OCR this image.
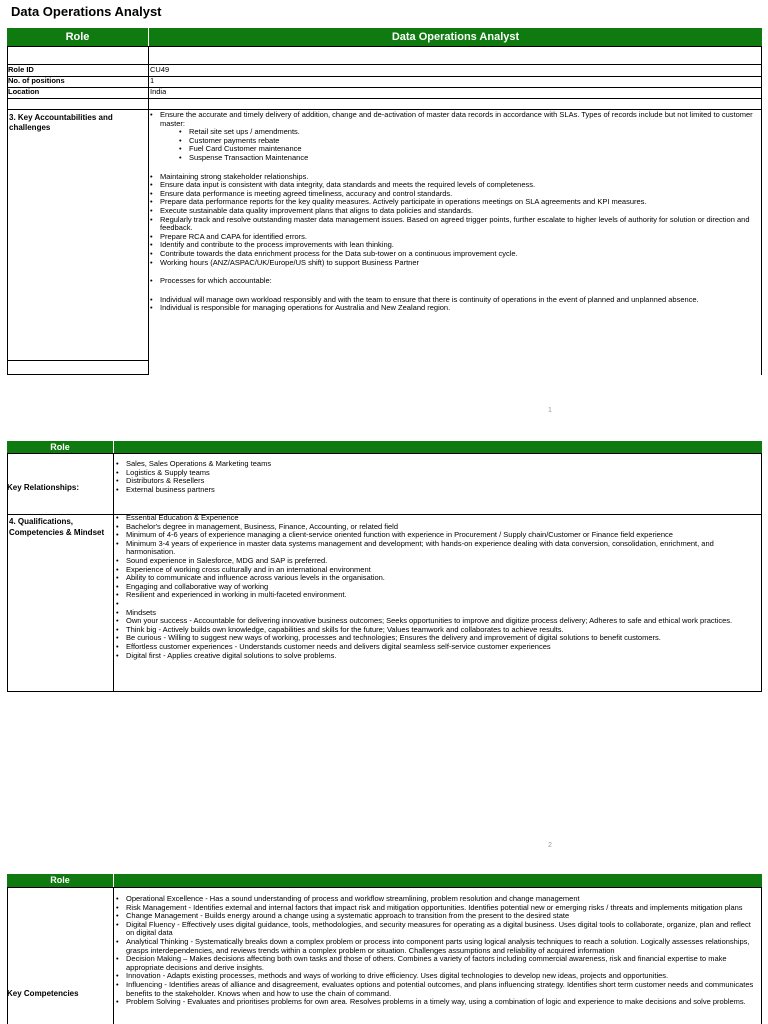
Data Operations Analyst
Role	Data Operations Analyst
Role ID	CU49
No. of positions	1
Location	India
3. Key Accountabilities and challenges
• Ensure the accurate and timely delivery of addition, change and de-activation of master data records in accordance with SLAs. Types of records include but not limited to customer master:
• Retail site set ups / amendments.
• Customer payments rebate
• Fuel Card Customer maintenance
• Suspense Transaction Maintenance
• Maintaining strong stakeholder relationships.
• Ensure data input is consistent with data integrity, data standards and meets the required levels of completeness.
• Ensure data performance is meeting agreed timeliness, accuracy and control standards.
• Prepare data performance reports for the key quality measures. Actively participate in operations meetings on SLA agreements and KPI measures.
• Execute sustainable data quality improvement plans that aligns to data policies and standards.
• Regularly track and resolve outstanding master data management issues. Based on agreed trigger points, further escalate to higher levels of authority for solution or direction and feedback.
• Prepare RCA and CAPA for identified errors.
• Identify and contribute to the process improvements with lean thinking.
• Contribute towards the data enrichment process for the Data sub-tower on a continuous improvement cycle.
• Working hours (ANZ/ASPAC/UK/Europe/US shift) to support Business Partner
• Processes for which accountable:
• Individual will manage own workload responsibly and with the team to ensure that there is continuity of operations in the event of planned and unplanned absence.
• Individual is responsible for managing operations for Australia and New Zealand region.
1
Role
Key Relationships:
• Sales, Sales Operations & Marketing teams
• Logistics & Supply teams
• Distributors & Resellers
• External business partners
4. Qualifications, Competencies & Mindset
• Essential Education & Experience
• Bachelor's degree in management, Business, Finance, Accounting, or related field
• Minimum of 4-6 years of experience managing a client-service oriented function with experience in Procurement / Supply chain/Customer or Finance field experience
• Minimum 3-4 years of experience in master data systems management and development; with hands-on experience dealing with data conversion, consolidation, enrichment, and harmonisation.
• Sound experience in Salesforce, MDG and SAP is preferred.
• Experience of working cross culturally and in an international environment
• Ability to communicate and influence across various levels in the organisation.
• Engaging and collaborative way of working
• Resilient and experienced in working in multi-faceted environment.
•
• Mindsets
• Own your success - Accountable for delivering innovative business outcomes; Seeks opportunities to improve and digitize process delivery; Adheres to safe and ethical work practices.
• Think big - Actively builds own knowledge, capabilities and skills for the future; Values teamwork and collaborates to achieve results.
• Be curious - Willing to suggest new ways of working, processes and technologies; Ensures the delivery and improvement of digital solutions to benefit customers.
• Effortless customer experiences - Understands customer needs and delivers digital seamless self-service customer experiences
• Digital first - Applies creative digital solutions to solve problems.
2
Role
Key Competencies
• Operational Excellence - Has a sound understanding of process and workflow streamlining, problem resolution and change management
• Risk Management - Identifies external and internal factors that impact risk and mitigation opportunities. Identifies potential new or emerging risks / threats and implements mitigation plans
• Change Management - Builds energy around a change using a systematic approach to transition from the present to the desired state
• Digital Fluency - Effectively uses digital guidance, tools, methodologies, and security measures for operating as a digital business. Uses digital tools to collaborate, organize, plan and reflect on digital data
• Analytical Thinking - Systematically breaks down a complex problem or process into component parts using logical analysis techniques to reach a solution. Logically assesses relationships, grasps interdependencies, and reviews trends within a complex problem or situation. Challenges assumptions and reliability of acquired information
• Decision Making – Makes decisions affecting both own tasks and those of others. Combines a variety of factors including commercial awareness, risk and financial expertise to make appropriate decisions and derive insights.
• Innovation - Adapts existing processes, methods and ways of working to drive efficiency. Uses digital technologies to develop new ideas, projects and opportunities.
• Influencing - Identifies areas of alliance and disagreement, evaluates options and potential outcomes, and plans influencing strategy. Identifies short term customer needs and communicates benefits to the stakeholder. Knows when and how to use the chain of command.
• Problem Solving - Evaluates and prioritises problems for own area. Resolves problems in a timely way, using a combination of logic and experience to make decisions and solve problems.
